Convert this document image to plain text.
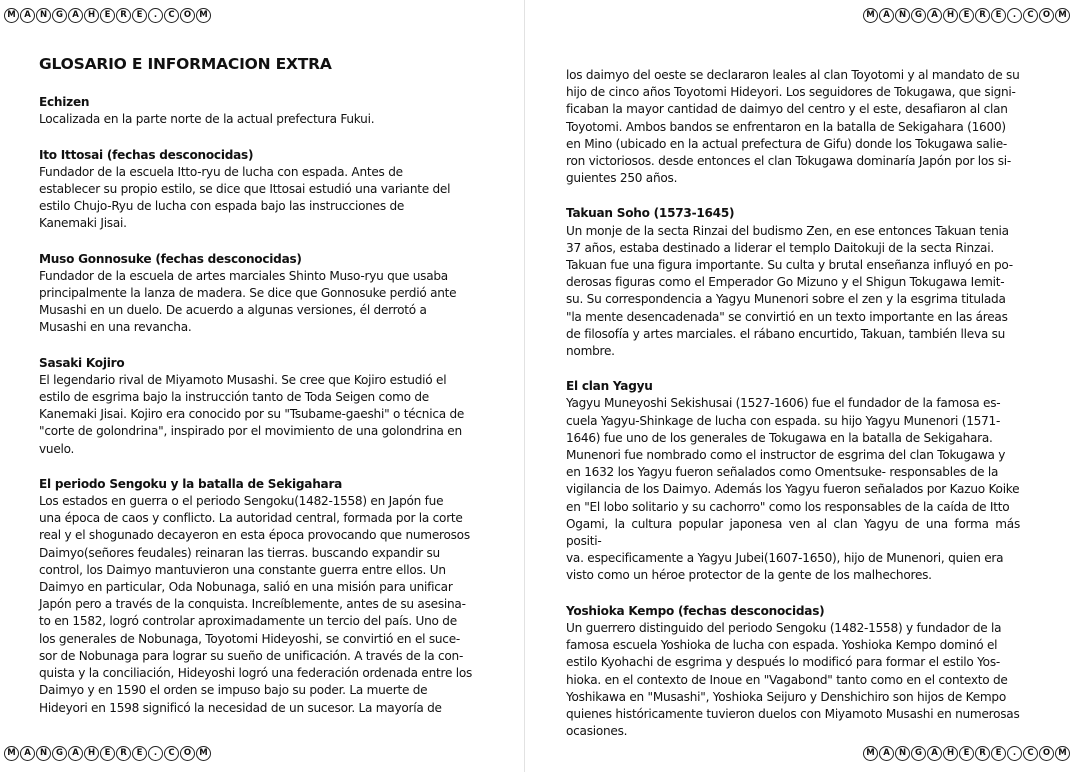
M A	N	G	A	H	E	R	E	.	C	O M	M A	N	G	A	H	E	R	E	.	C	O M
M A	N	G	A	H	E	R	E	.	C	O M	M A	N	G	A	H	E	R	E	.	C	O M
GLOSARIO E INFORMACION EXTRA
Echizen
Localizada en la parte norte de la actual prefectura Fukui.
Ito Ittosai (fechas desconocidas)
Fundador de la escuela Itto-ryu de lucha con espada. Antes de
establecer su propio estilo, se dice que Ittosai estudió una variante del
estilo Chujo-Ryu de lucha con espada bajo las instrucciones de
Kanemaki Jisai.
Muso Gonnosuke (fechas desconocidas)
Fundador de la escuela de artes marciales Shinto Muso-ryu que usaba
principalmente la lanza de madera. Se dice que Gonnosuke perdió ante
Musashi en un duelo. De acuerdo a algunas versiones, él derrotó a
Musashi en una revancha.
Sasaki Kojiro
El legendario rival de Miyamoto Musashi. Se cree que Kojiro estudió el
estilo de esgrima bajo la instrucción tanto de Toda Seigen como de
Kanemaki Jisai. Kojiro era conocido por su "Tsubame-gaeshi" o técnica de
"corte de golondrina", inspirado por el movimiento de una golondrina en
vuelo.
El periodo Sengoku y la batalla de Sekigahara
Los estados en guerra o el periodo Sengoku(1482-1558) en Japón fue
una época de caos y conflicto. La autoridad central, formada por la corte
real y el shogunado decayeron en esta época provocando que numerosos
Daimyo(señores feudales) reinaran las tierras. buscando expandir su
control, los Daimyo mantuvieron una constante guerra entre ellos. Un
Daimyo en particular, Oda Nobunaga, salió en una misión para unificar
Japón pero a través de la conquista. Increíblemente, antes de su asesina-
to en 1582, logró controlar aproximadamente un tercio del país. Uno de
los generales de Nobunaga, Toyotomi Hideyoshi, se convirtió en el suce-
sor de Nobunaga para lograr su sueño de unificación. A través de la con-
quista y la conciliación, Hideyoshi logró una federación ordenada entre los
Daimyo y en 1590 el orden se impuso bajo su poder. La muerte de
Hideyori en 1598 significó la necesidad de un sucesor. La mayoría de
los daimyo del oeste se declararon leales al clan Toyotomi y al mandato de su
hijo de cinco años Toyotomi Hideyori. Los seguidores de Tokugawa, que signi-
ficaban la mayor cantidad de daimyo del centro y el este, desafiaron al clan
Toyotomi. Ambos bandos se enfrentaron en la batalla de Sekigahara (1600)
en Mino (ubicado en la actual prefectura de Gifu) donde los Tokugawa salie-
ron victoriosos. desde entonces el clan Tokugawa dominaría Japón por los si-
guientes 250 años.
Takuan Soho (1573-1645)
Un monje de la secta Rinzai del budismo Zen, en ese entonces Takuan tenia
37 años, estaba destinado a liderar el templo Daitokuji de la secta Rinzai.
Takuan fue una figura importante. Su culta y brutal enseñanza influyó en po-
derosas figuras como el Emperador Go Mizuno y el Shigun Tokugawa Iemit-
su. Su correspondencia a Yagyu Munenori sobre el zen y la esgrima titulada
"la mente desencadenada" se convirtió en un texto importante en las áreas
de filosofía y artes marciales. el rábano encurtido, Takuan, también lleva su
nombre.
El clan Yagyu
Yagyu Muneyoshi Sekishusai (1527-1606) fue el fundador de la famosa es-
cuela Yagyu-Shinkage de lucha con espada. su hijo Yagyu Munenori (1571-
1646) fue uno de los generales de Tokugawa en la batalla de Sekigahara.
Munenori fue nombrado como el instructor de esgrima del clan Tokugawa y
en 1632 los Yagyu fueron señalados como Omentsuke- responsables de la
vigilancia de los Daimyo. Además los Yagyu fueron señalados por Kazuo Koike
en "El lobo solitario y su cachorro" como los responsables de la caída de Itto
Ogami, la cultura popular japonesa ven al clan Yagyu de una forma más positi-
va. especificamente a Yagyu Jubei(1607-1650), hijo de Munenori, quien era
visto como un héroe protector de la gente de los malhechores.
Yoshioka Kempo (fechas desconocidas)
Un guerrero distinguido del periodo Sengoku (1482-1558) y fundador de la
famosa escuela Yoshioka de lucha con espada. Yoshioka Kempo dominó el
estilo Kyohachi de esgrima y después lo modificó para formar el estilo Yos-
hioka. en el contexto de Inoue en "Vagabond" tanto como en el contexto de
Yoshikawa en "Musashi", Yoshioka Seijuro y Denshichiro son hijos de Kempo
quienes históricamente tuvieron duelos con Miyamoto Musashi en numerosas
ocasiones.
